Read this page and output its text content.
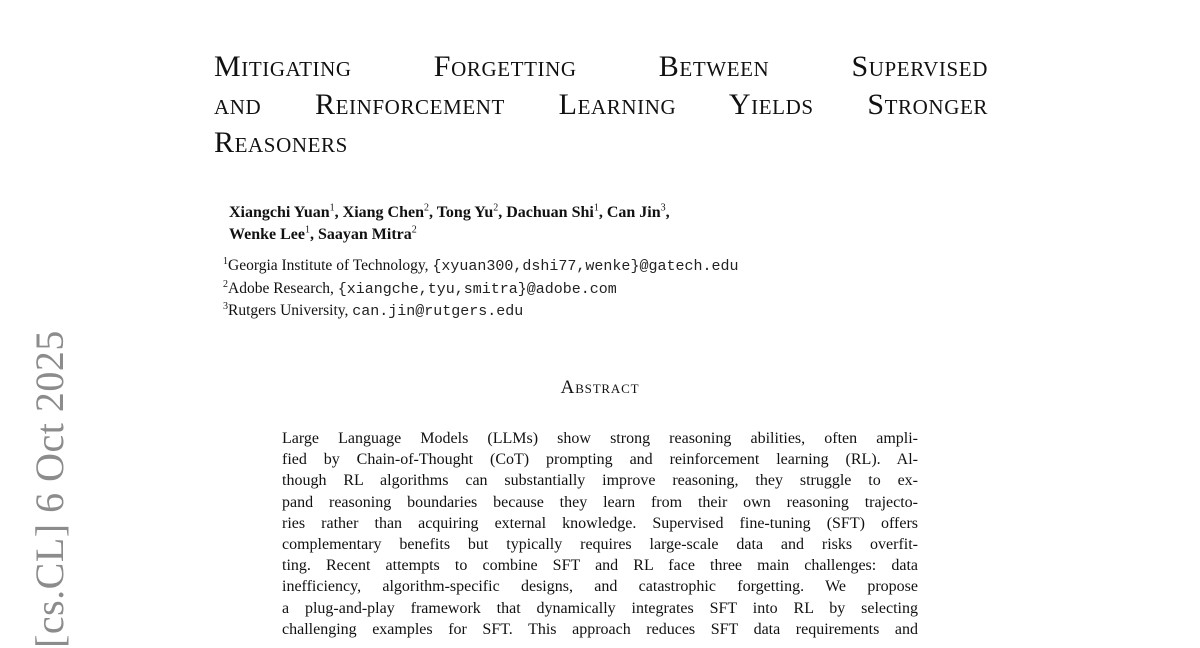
[cs.CL] 6 Oct 2025
Mitigating Forgetting Between Supervised
and Reinforcement Learning Yields Stronger
Reasoners
Xiangchi Yuan$^1$, Xiang Chen$^2$, Tong Yu$^2$, Dachuan Shi$^1$, Can Jin$^3$,
Wenke Lee$^1$, Saayan Mitra$^2$
$^1$Georgia Institute of Technology, {xyuan300,dshi77,wenke}@gatech.edu
$^2$Adobe Research, {xiangche,tyu,smitra}@adobe.com
$^3$Rutgers University, can.jin@rutgers.edu
Abstract
Large Language Models (LLMs) show strong reasoning abilities, often ampli-
fied by Chain-of-Thought (CoT) prompting and reinforcement learning (RL). Al-
though RL algorithms can substantially improve reasoning, they struggle to ex-
pand reasoning boundaries because they learn from their own reasoning trajecto-
ries rather than acquiring external knowledge. Supervised fine-tuning (SFT) offers
complementary benefits but typically requires large-scale data and risks overfit-
ting. Recent attempts to combine SFT and RL face three main challenges: data
inefficiency, algorithm-specific designs, and catastrophic forgetting. We propose
a plug-and-play framework that dynamically integrates SFT into RL by selecting
challenging examples for SFT. This approach reduces SFT data requirements and
